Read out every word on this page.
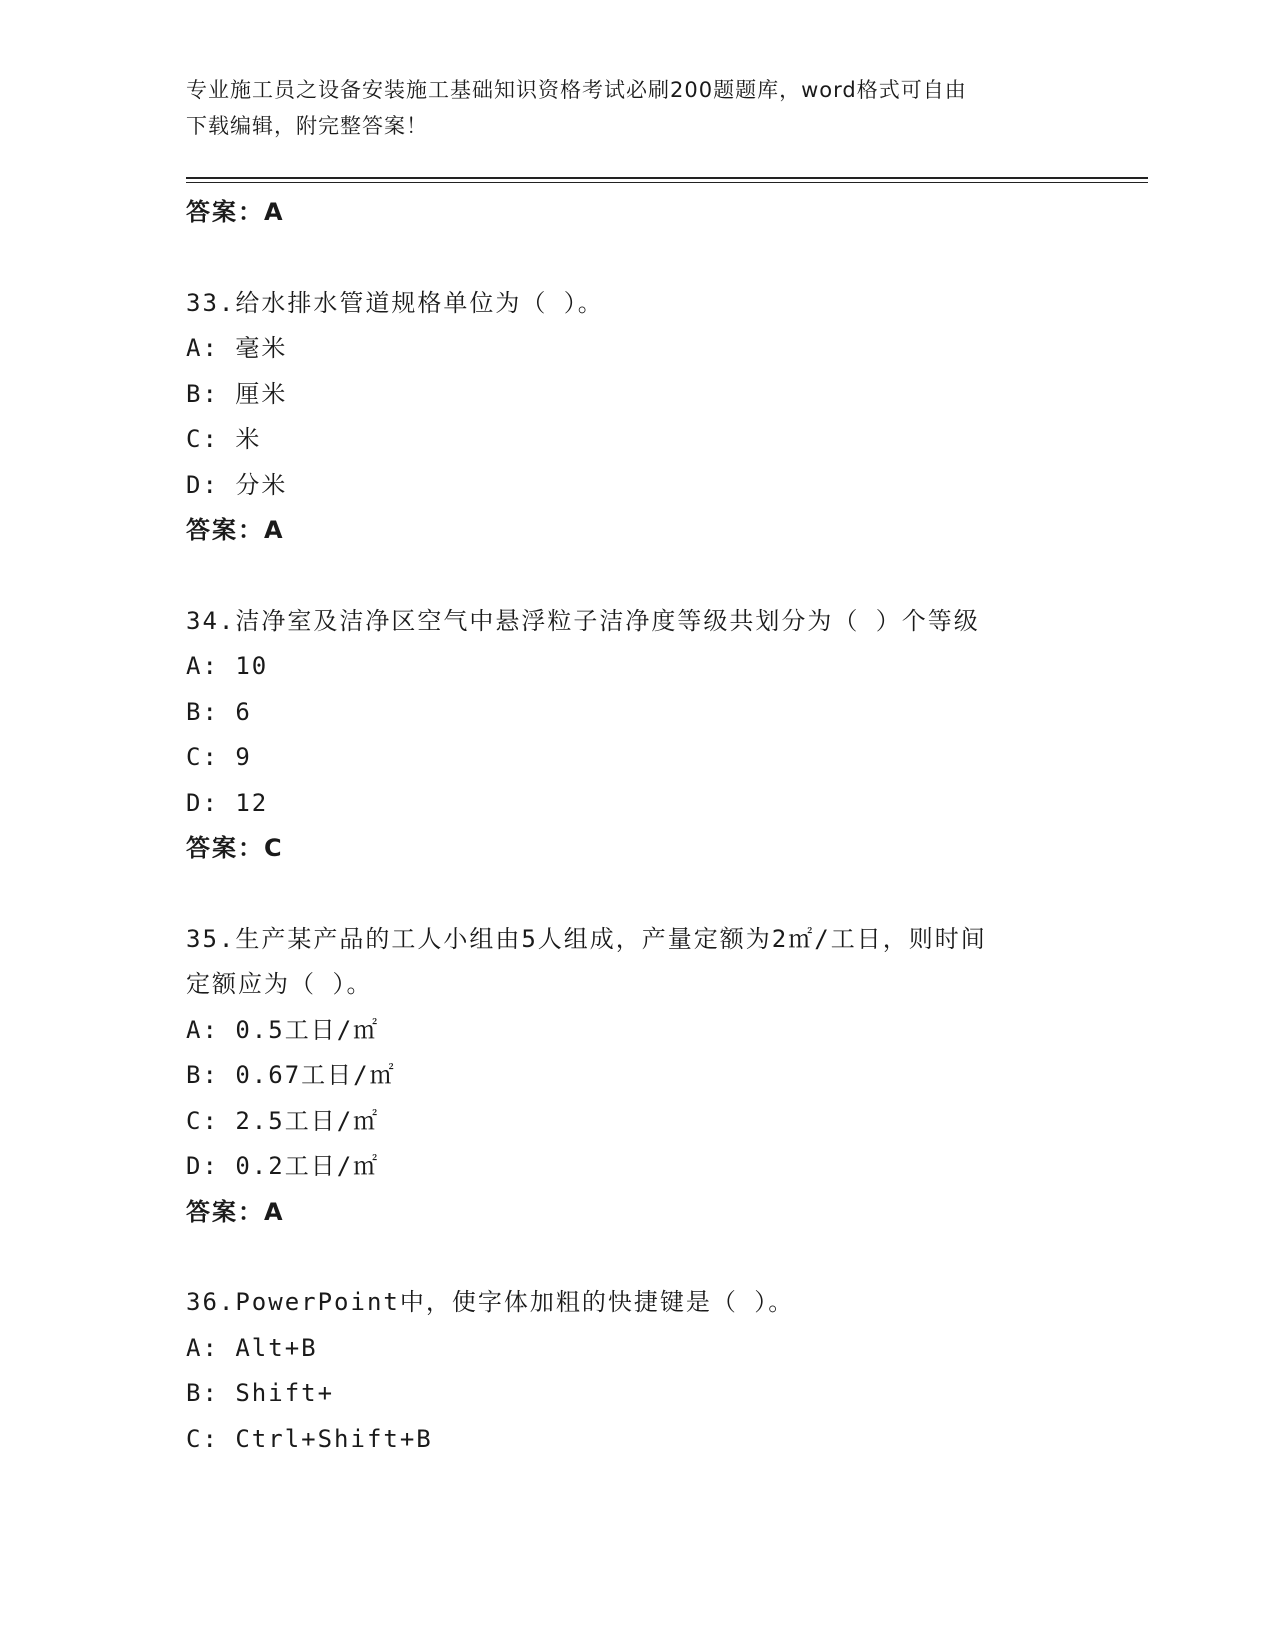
专业施工员之设备安装施工基础知识资格考试必刷200题题库，word格式可自由
下载编辑，附完整答案！
答案：A
33.给水排水管道规格单位为（ ）。
A: 毫米
B: 厘米
C: 米
D: 分米
答案：A
34.洁净室及洁净区空气中悬浮粒子洁净度等级共划分为（ ）个等级
A: 10
B: 6
C: 9
D: 12
答案：C
35.生产某产品的工人小组由5人组成，产量定额为2㎡/工日，则时间
定额应为（ ）。
A: 0.5工日/㎡
B: 0.67工日/㎡
C: 2.5工日/㎡
D: 0.2工日/㎡
答案：A
36.PowerPoint中，使字体加粗的快捷键是（ ）。
A: Alt+B
B: Shift+
C: Ctrl+Shift+B
